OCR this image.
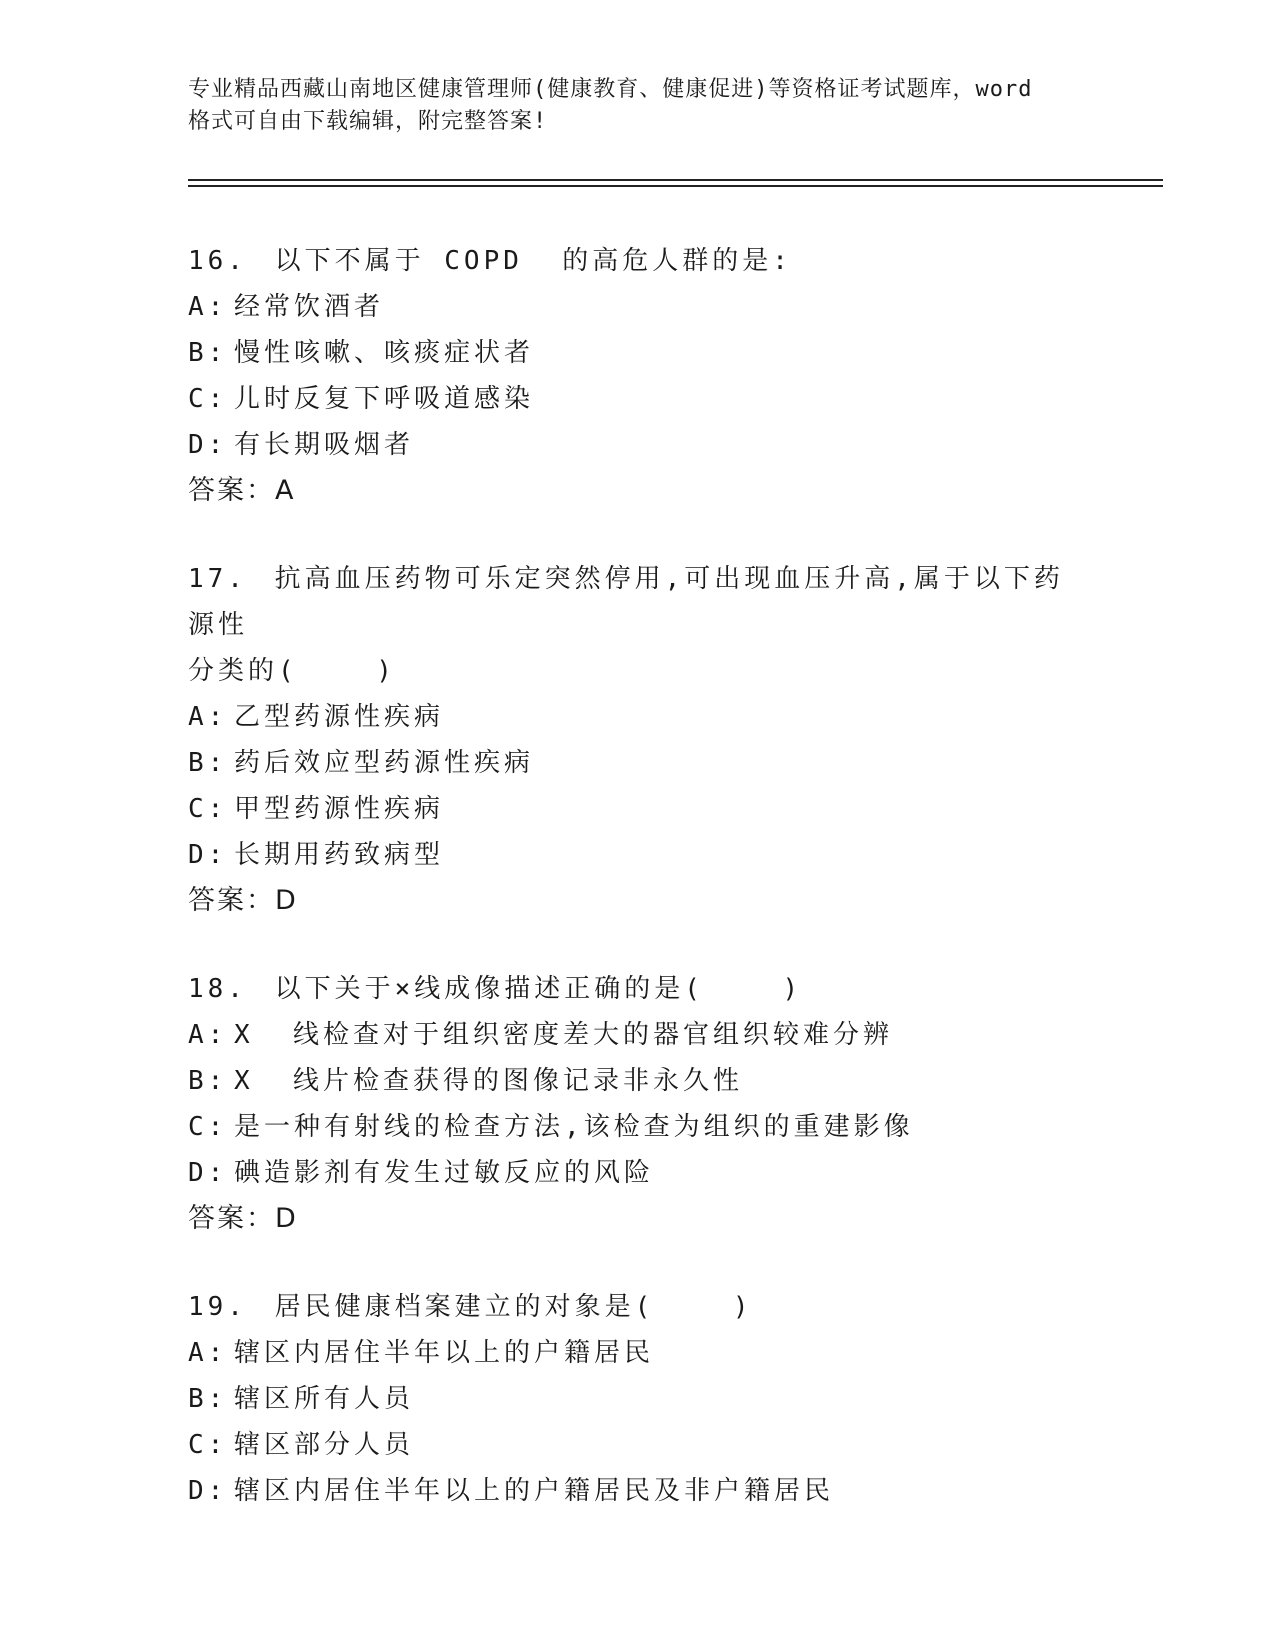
专业精品西藏山南地区健康管理师(健康教育、健康促进)等资格证考试题库，word
格式可自由下载编辑，附完整答案!
16. 以下不属于 COPD  的高危人群的是:
A: 经常饮酒者
B: 慢性咳嗽、咳痰症状者
C: 儿时反复下呼吸道感染
D: 有长期吸烟者
答案：A
17. 抗高血压药物可乐定突然停用,可出现血压升高,属于以下药源性
分类的(    )
A: 乙型药源性疾病
B: 药后效应型药源性疾病
C: 甲型药源性疾病
D: 长期用药致病型
答案：D
18. 以下关于×线成像描述正确的是(    )
A: X  线检查对于组织密度差大的器官组织较难分辨
B: X  线片检查获得的图像记录非永久性
C: 是一种有射线的检查方法,该检查为组织的重建影像
D: 碘造影剂有发生过敏反应的风险
答案：D
19. 居民健康档案建立的对象是(    )
A: 辖区内居住半年以上的户籍居民
B: 辖区所有人员
C: 辖区部分人员
D: 辖区内居住半年以上的户籍居民及非户籍居民
